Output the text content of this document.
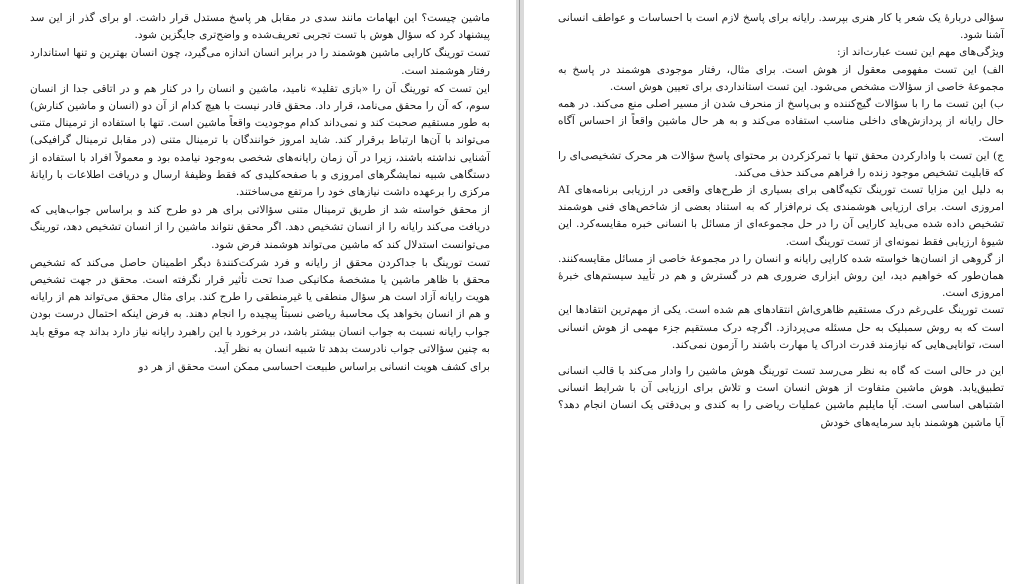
ماشین چیست؟ این ابهامات مانند سدی در مقابل هر پاسخ مستدل قرار داشت. او برای گذر از این سد پیشنهاد کرد که سؤال هوش با تست تجربی تعریف‌شده و واضح‌تری جایگزین شود.

تست تورینگ کارایی ماشین هوشمند را در برابر انسان اندازه می‌گیرد، چون انسان بهترین و تنها استاندارد رفتار هوشمند است.

این تست که تورینگ آن را «بازی تقلید» نامید، ماشین و انسان را در کنار هم و در اتاقی جدا از انسان سوم، که آن را محقق می‌نامد، قرار داد. محقق قادر نیست با هیچ کدام از آن دو (انسان و ماشین کنارش) به طور مستقیم صحبت کند و نمی‌داند کدام موجودیت واقعاً ماشین است. تنها با استفاده از ترمینال متنی می‌تواند با آن‌ها ارتباط برقرار کند. شاید امروز خوانندگان با ترمینال متنی (در مقابل ترمینال گرافیکی) آشنایی نداشته باشند، زیرا در آن زمان رایانه‌های شخصی به‌وجود نیامده بود و معمولاً افراد با استفاده از دستگاهی شبیه نمایشگرهای امروزی و با صفحه‌کلیدی که فقط وظیفهٔ ارسال و دریافت اطلاعات با رایانهٔ مرکزی را برعهده داشت نیازهای خود را مرتفع می‌ساختند.

از محقق خواسته شد از طریق ترمینال متنی سؤالاتی برای هر دو طرح کند و براساس جواب‌هایی که دریافت می‌کند رایانه را از انسان تشخیص دهد. اگر محقق نتواند ماشین را از انسان تشخیص دهد، تورینگ می‌توانست استدلال کند که ماشین می‌تواند هوشمند فرض شود.

تست تورینگ با جداکردن محقق از رایانه و فرد شرکت‌کنندهٔ دیگر اطمینان حاصل می‌کند که تشخیص محقق با ظاهر ماشین یا مشخصهٔ مکانیکی صدا تحت تأثیر قرار نگرفته است. محقق در جهت تشخیص هویت رایانه آزاد است هر سؤال منطقی یا غیرمنطقی را طرح کند. برای مثال محقق می‌تواند هم از رایانه و هم از انسان بخواهد یک محاسبهٔ ریاضی نسبتاً پیچیده را انجام دهند. به فرض اینکه احتمال درست بودن جواب رایانه نسبت به جواب انسان بیشتر باشد، در برخورد با این راهبرد رایانه نیاز دارد بداند چه موقع باید به چنین سؤالاتی جواب نادرست بدهد تا شبیه انسان به نظر آید.

برای کشف هویت انسانی براساس طبیعت احساسی ممکن است محقق از هر دو

سؤالی دربارهٔ یک شعر یا کار هنری بپرسد. رایانه برای پاسخ لازم است با احساسات و عواطف انسانی آشنا شود.

ویژگی‌های مهم این تست عبارت‌اند از:

الف) این تست مفهومی معقول از هوش است. برای مثال، رفتار موجودی هوشمند در پاسخ به مجموعهٔ خاصی از سؤالات مشخص می‌شود. این تست استانداردی برای تعیین هوش است.

ب) این تست ما را با سؤالات گیج‌کننده و بی‌پاسخ از منحرف شدن از مسیر اصلی منع می‌کند. در همه حال رایانه از پردازش‌های داخلی مناسب استفاده می‌کند و به هر حال ماشین واقعاً از احساس آگاه است.

ج) این تست با وادارکردن محقق تنها با تمرکزکردن بر محتوای پاسخ سؤالات هر محرک تشخیصی‌ای را که قابلیت تشخیص موجود زنده را فراهم می‌کند حذف می‌کند.

به دلیل این مزایا تست تورینگ تکیه‌گاهی برای بسیاری از طرح‌های واقعی در ارزیابی برنامه‌های AI امروزی است. برای ارزیابی هوشمندی یک نرم‌افزار که به استناد بعضی از شاخص‌های فنی هوشمند تشخیص داده شده می‌باید کارایی آن را در حل مجموعه‌ای از مسائل با انسانی خبره مقایسه‌کرد. این شیوهٔ ارزیابی فقط نمونه‌ای از تست تورینگ است.

از گروهی از انسان‌ها خواسته شده کارایی رایانه و انسان را در مجموعهٔ خاصی از مسائل مقایسه‌کنند. همان‌طور که خواهیم دید، این روش ابزاری ضروری هم در گسترش و هم در تأیید سیستم‌های خبرهٔ امروزی است.

تست تورینگ علی‌رغم درک مستقیم ظاهری‌اش انتقادهای هم شده است. یکی از مهم‌ترین انتقادها این است که به روش سمبلیک به حل مسئله می‌پردازد. اگرچه درک مستقیم جزء مهمی از هوش انسانی است، توانایی‌هایی که نیازمند قدرت ادراک یا مهارت باشند را آزمون نمی‌کند.

این در حالی است که گاه به نظر می‌رسد تست تورینگ هوش ماشین را وادار می‌کند با قالب انسانی تطبیق‌یابد. هوش ماشین متفاوت از هوش انسان است و تلاش برای ارزیابی آن با شرایط انسانی اشتباهی اساسی است. آیا مایلیم ماشین عملیات ریاضی را به کندی و بی‌دقتی یک انسان انجام دهد؟ آیا ماشین هوشمند باید سرمایه‌های خودش
